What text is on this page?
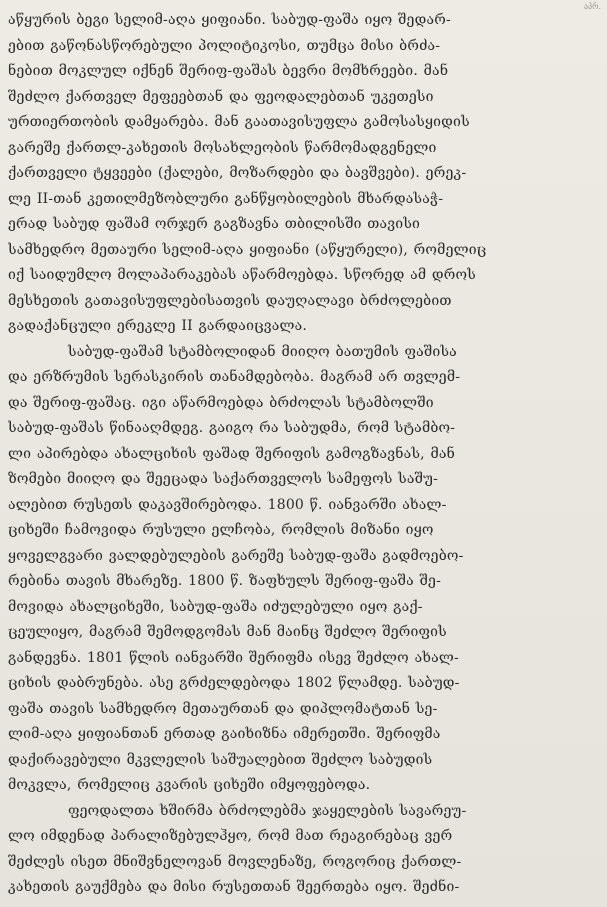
აპრ.

აწყურის ბეგი სელიმ-აღა ყიფიანი. საბუდ-ფაშა იყო შედარ-
ებით გაწონასწორებული პოლიტიკოსი, თუმცა მისი ბრძა-
ნებით მოკლულ იქნენ შერიფ-ფაშას ბევრი მომხრეები. მან
შეძლო ქართველ მეფეებთან და ფეოდალებთან უკეთესი
ურთიერთობის დამყარება. მან გაათავისუფლა გამოსასყიდის
გარეშე ქართლ-კახეთის მოსახლეობის წარმომადგენელი
ქართველი ტყვეები (ქალები, მოზარდები და ბავშვები). ერეკ-
ლე II-თან კეთილმეზობლური განწყობილების მხარდასაჭ-
ერად საბუდ ფაშამ ორჯერ გაგზავნა თბილისში თავისი
სამხედრო მეთაური სელიმ-აღა ყიფიანი (აწყურელი), რომელიც
იქ საიდუმლო მოლაპარაკებას აწარმოებდა. სწორედ ამ დროს
მესხეთის გათავისუფლებისათვის დაუღალავი ბრძოლებით
გადაქანცული ერეკლე II გარდაიცვალა.

საბუდ-ფაშამ სტამბოლიდან მიიღო ბათუმის ფაშისა
და ერზრუმის სერასკირის თანამდებობა. მაგრამ არ თვლემ-
და შერიფ-ფაშაც. იგი აწარმოებდა ბრძოლას სტამბოლში
საბუდ-ფაშას წინააღმდეგ. გაიგო რა საბუდმა, რომ სტამბო-
ლი აპირებდა ახალციხის ფაშად შერიფის გამოგზავნას, მან
ზომები მიიღო და შეეცადა საქართველოს სამეფოს საშუ-
ალებით რუსეთს დაკავშირებოდა. 1800 წ. იანვარში ახალ-
ციხეში ჩამოვიდა რუსული ელჩობა, რომლის მიზანი იყო
ყოველგვარი ვალდებულების გარეშე საბუდ-ფაშა გადმოებო-
რებინა თავის მხარეზე. 1800 წ. ზაფხულს შერიფ-ფაშა შე-
მოვიდა ახალციხეში, საბუდ-ფაშა იძულებული იყო გაქ-
ცეულიყო, მაგრამ შემოდგომას მან მაინც შეძლო შერიფის
განდევნა. 1801 წლის იანვარში შერიფმა ისევ შეძლო ახალ-
ციხის დაბრუნება. ასე გრძელდებოდა 1802 წლამდე. საბუდ-
ფაშა თავის სამხედრო მეთაურთან და დიპლომატთან სე-
ლიმ-აღა ყიფიანთან ერთად გაიხიზნა იმერეთში. შერიფმა
დაქირავებული მკვლელის საშუალებით შეძლო საბუდის
მოკვლა, რომელიც კვარის ციხეში იმყოფებოდა.

ფეოდალთა ხშირმა ბრძოლებმა ჯაყელების სავარეუ-
ლო იმდენად პარალიზებულჰყო, რომ მათ რეაგირებაც ვერ
შეძლეს ისეთ მნიშვნელოვან მოვლენაზე, როგორიც ქართლ-
კახეთის გაუქმება და მისი რუსეთთან შეერთება იყო. შეძნი-
